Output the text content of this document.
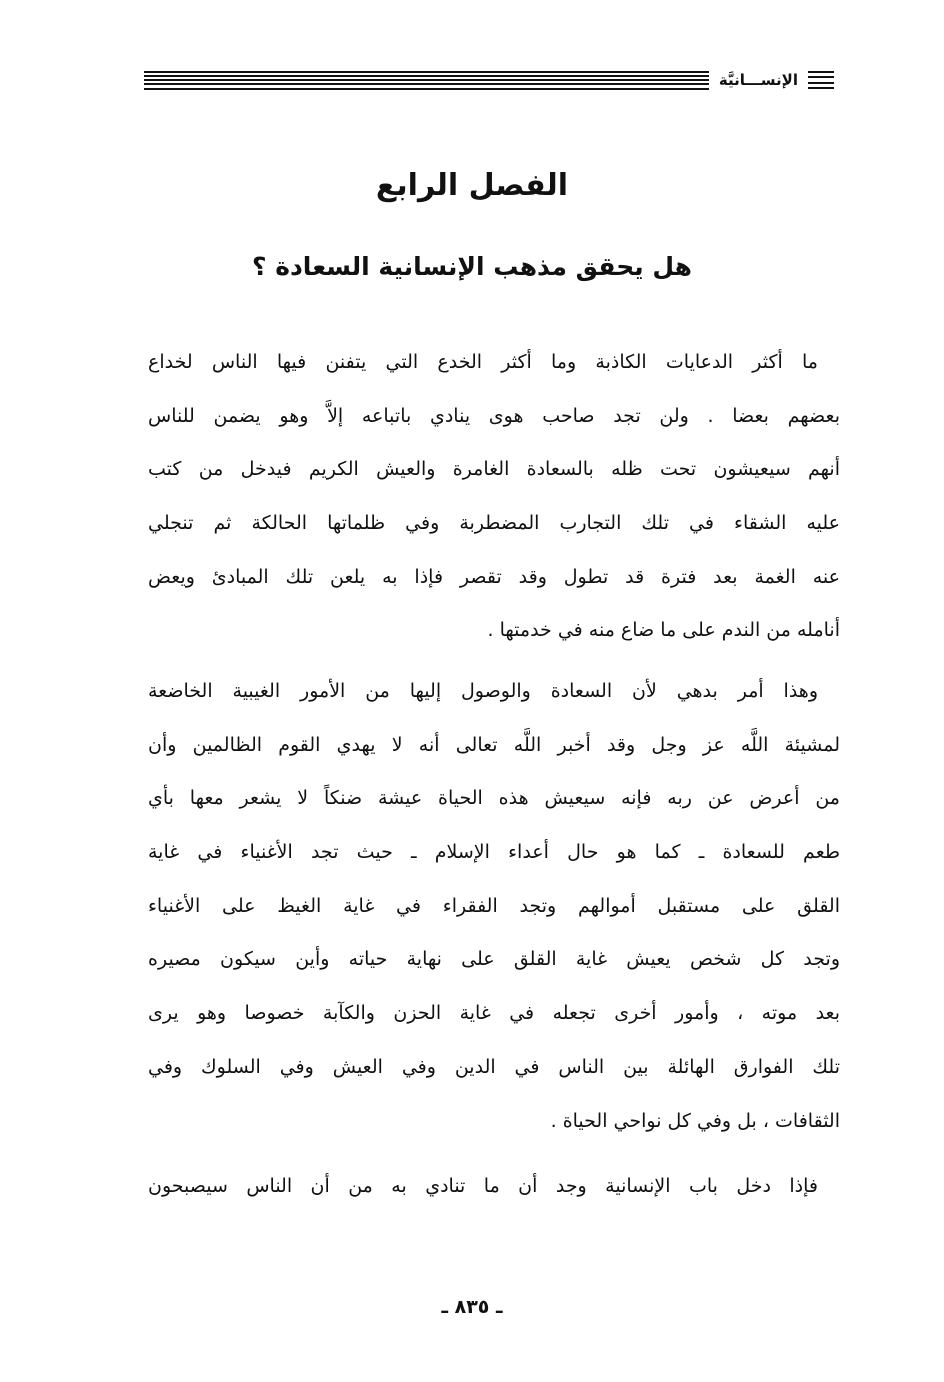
الإنســـانيَّة
الفصل الرابع
هل يحقق مذهب الإنسانية السعادة ؟
ما أكثر الدعايات الكاذبة وما أكثر الخدع التي يتفنن فيها الناس لخداع
بعضهم بعضا . ولن تجد صاحب هوى ينادي باتباعه إلاَّ وهو يضمن للناس
أنهم سيعيشون تحت ظله بالسعادة الغامرة والعيش الكريم فيدخل من كتب
عليه الشقاء في تلك التجارب المضطربة وفي ظلماتها الحالكة ثم تنجلي
عنه الغمة بعد فترة قد تطول وقد تقصر فإذا به يلعن تلك المبادئ ويعض
أنامله من الندم على ما ضاع منه في خدمتها .
وهذا أمر بدهي لأن السعادة والوصول إليها من الأمور الغيبية الخاضعة
لمشيئة اللَّه عز وجل وقد أخبر اللَّه تعالى أنه لا يهدي القوم الظالمين وأن
من أعرض عن ربه فإنه سيعيش هذه الحياة عيشة ضنكاً لا يشعر معها بأي
طعم للسعادة ـ كما هو حال أعداء الإسلام ـ حيث تجد الأغنياء في غاية
القلق على مستقبل أموالهم وتجد الفقراء في غاية الغيظ على الأغنياء
وتجد كل شخص يعيش غاية القلق على نهاية حياته وأين سيكون مصيره
بعد موته ، وأمور أخرى تجعله في غاية الحزن والكآبة خصوصا وهو يرى
تلك الفوارق الهائلة بين الناس في الدين وفي العيش وفي السلوك وفي
الثقافات ، بل وفي كل نواحي الحياة .
فإذا دخل باب الإنسانية وجد أن ما تنادي به من أن الناس سيصبحون
ـ ٨٣٥ ـ
